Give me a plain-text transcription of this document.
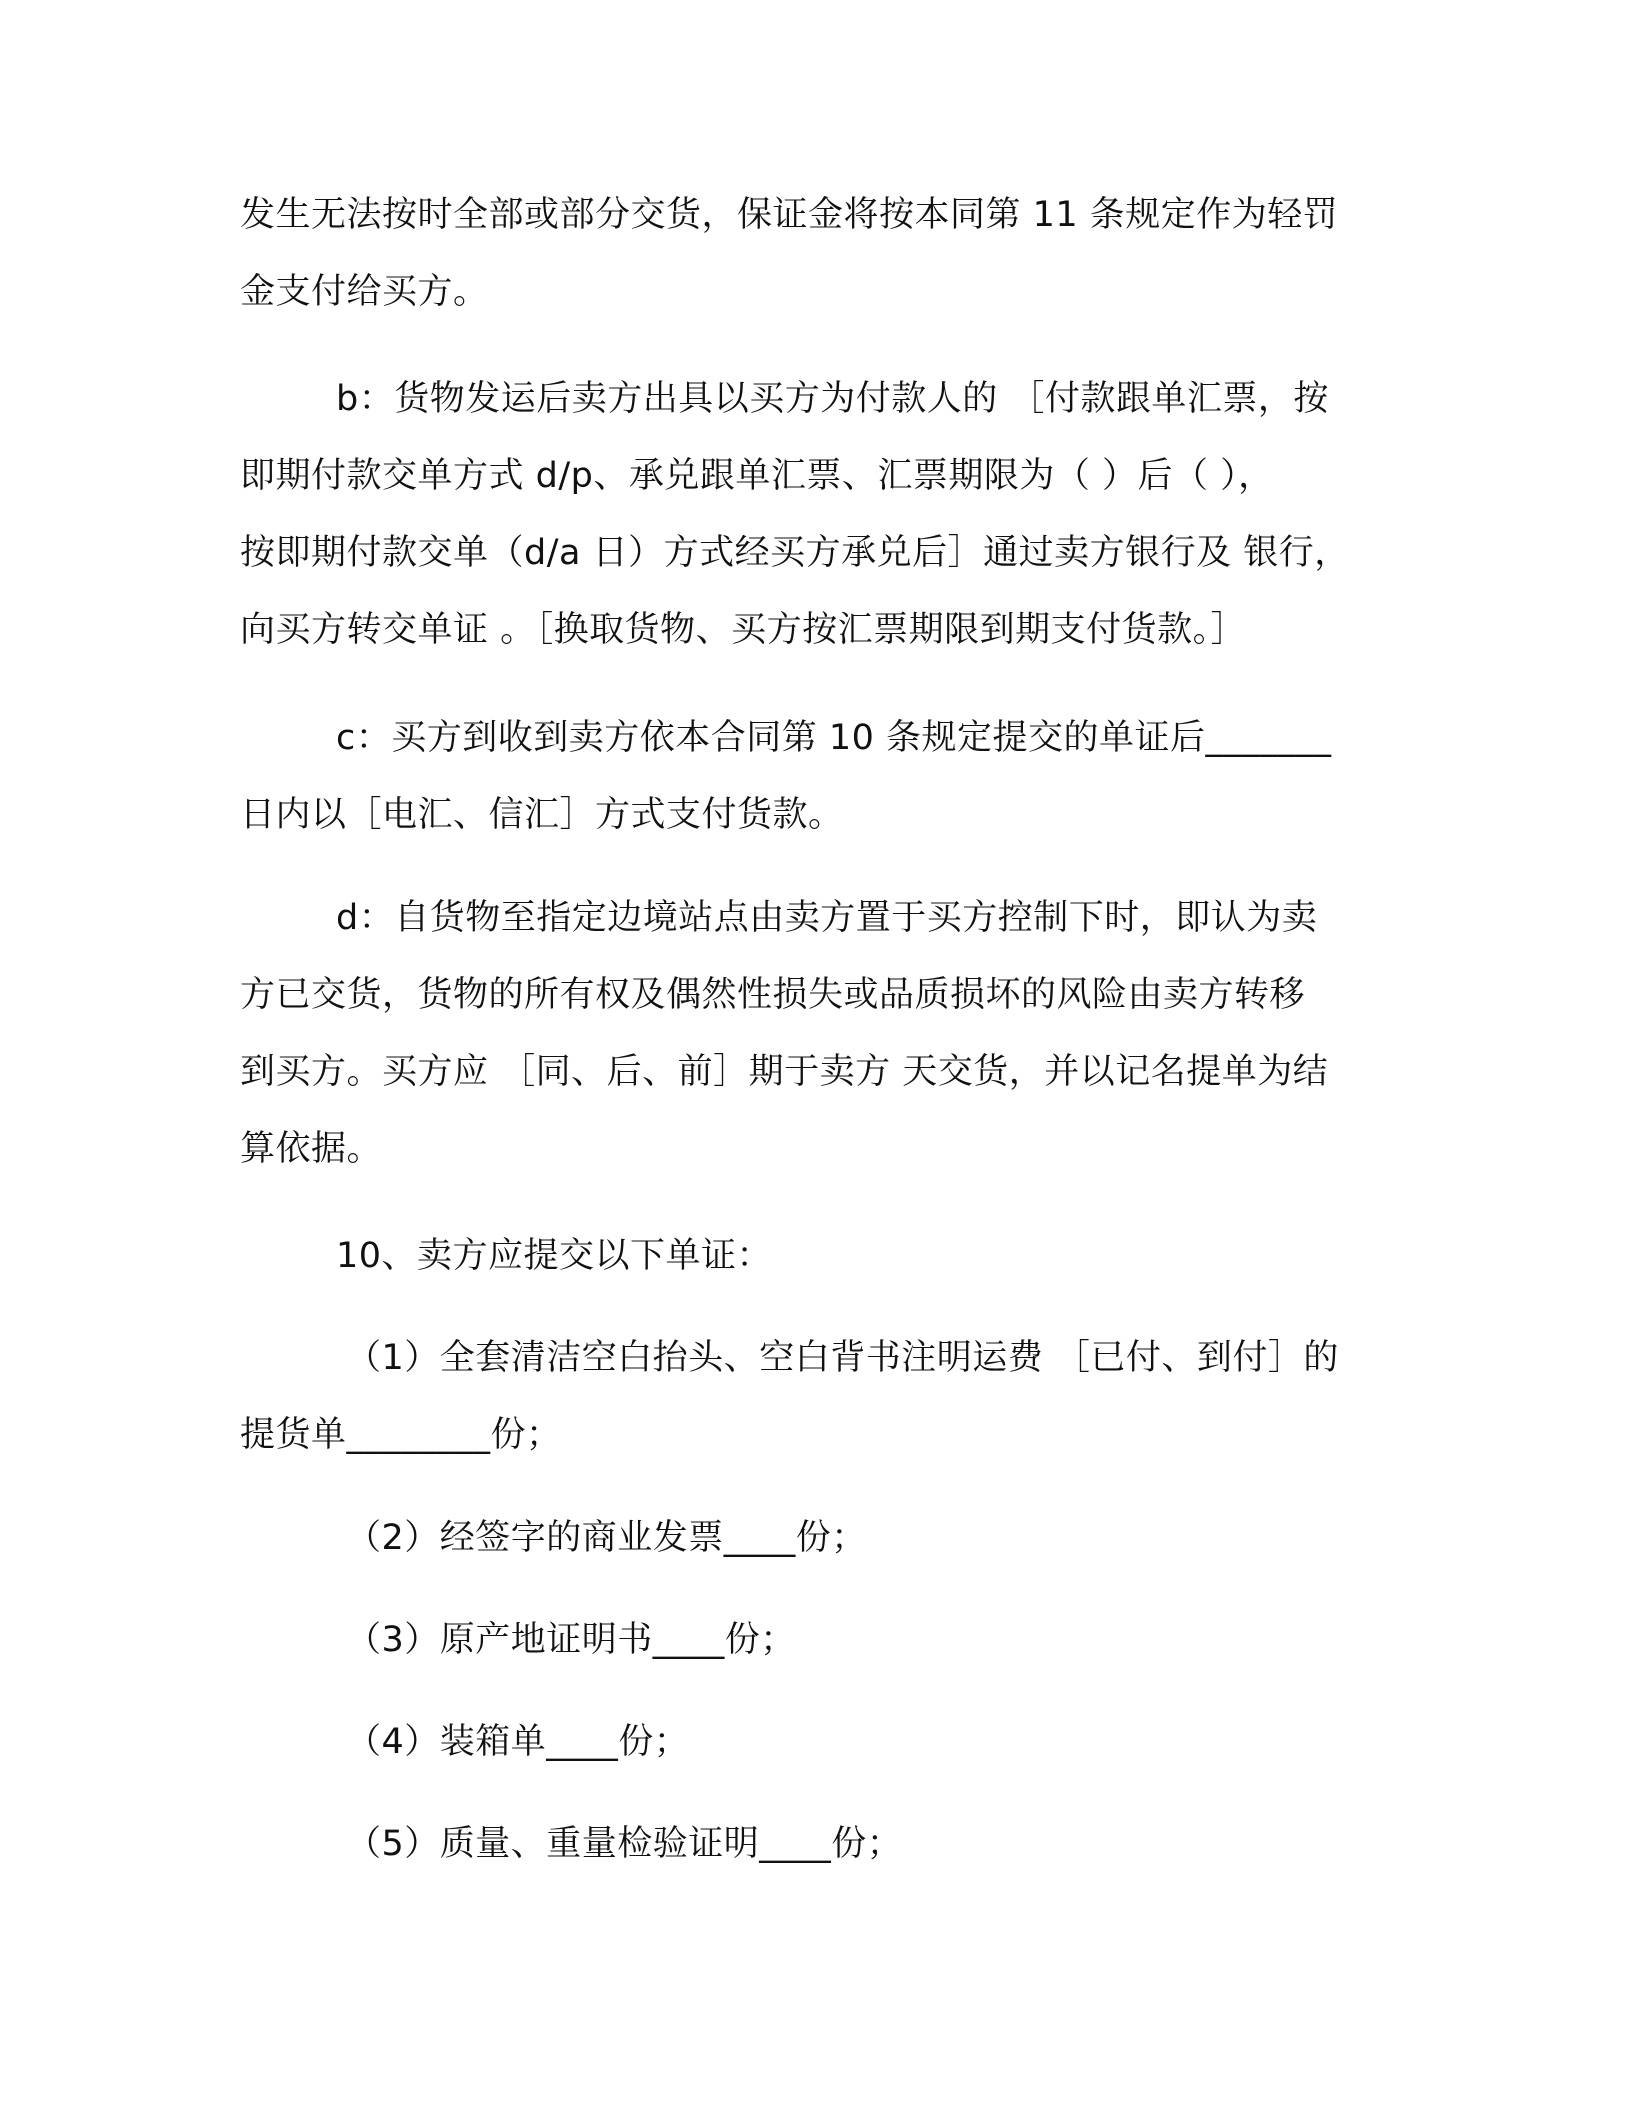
发生无法按时全部或部分交货，保证金将按本同第 11 条规定作为轻罚
金支付给买方。
b：货物发运后卖方出具以买方为付款人的 ［付款跟单汇票，按
即期付款交单方式 d/p、承兑跟单汇票、汇票期限为（ ）后（ ），
按即期付款交单（d/a 日）方式经买方承兑后］通过卖方银行及 银行，
向买方转交单证 。［换取货物、买方按汇票期限到期支付货款。］
c：买方到收到卖方依本合同第 10 条规定提交的单证后_______
日内以［电汇、信汇］方式支付货款。
d：自货物至指定边境站点由卖方置于买方控制下时，即认为卖
方已交货，货物的所有权及偶然性损失或品质损坏的风险由卖方转移
到买方。买方应 ［同、后、前］期于卖方 天交货，并以记名提单为结
算依据。
10、卖方应提交以下单证：
（1）全套清洁空白抬头、空白背书注明运费 ［已付、到付］的
提货单________份；
（2）经签字的商业发票____份；
（3）原产地证明书____份；
（4）装箱单____份；
（5）质量、重量检验证明____份；
